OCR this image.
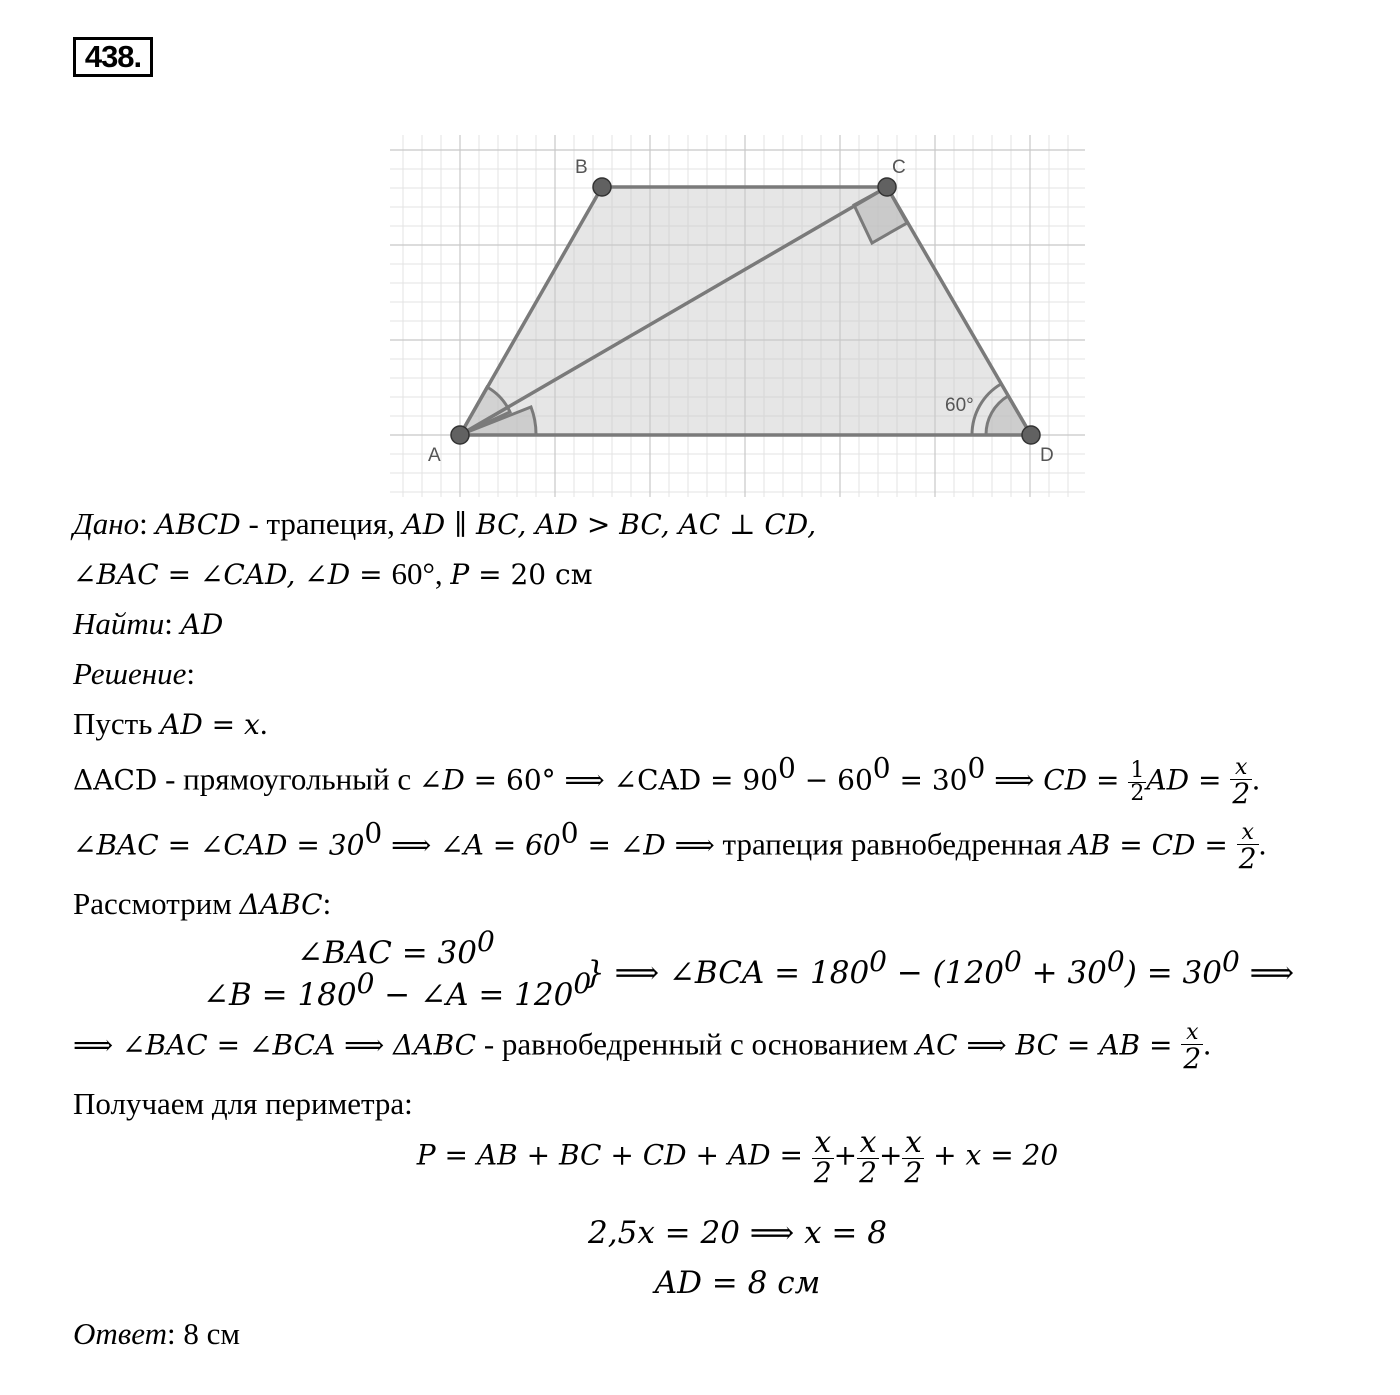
438.
A
B	C
D
60°
Дано: ABCD - трапеция, AD ∥ BC, AD > BC, AC ⊥ CD,
∠BAC = ∠CAD, ∠D = 60°, P = 20 см
Найти: AD
Решение:
Пусть AD = x.
ΔACD - прямоугольный с ∠D = 60° ⟹ ∠CAD = $90^0 - 60^0 = 30^0$ ⟹ CD = $\frac{1}{2}$ AD = $\frac{x}{2}$ .
∠BAC = ∠CAD = $30^0$ ⟹ ∠A = $60^0$ = ∠D ⟹ трапеция равнобедренная AB = CD = $\frac{x}{2}$ .
Рассмотрим ΔABC:
∠BAC = $30^0$
∠B = $180^0$ − ∠A = $120^0$
} ⟹ ∠BCA = $180^0 - (120^0 + 30^0) = 30^0$ ⟹
⟹ ∠BAC = ∠BCA ⟹ ΔABC - равнобедренный с основанием AC ⟹ BC = AB = $\frac{x}{2}$ .
Получаем для периметра:
P = AB + BC + CD + AD = $\frac{x}{2} + \frac{x}{2} + \frac{x}{2} + x = 20$
2,5x = 20 ⟹ x = 8
AD = 8 см
Ответ: 8 см
